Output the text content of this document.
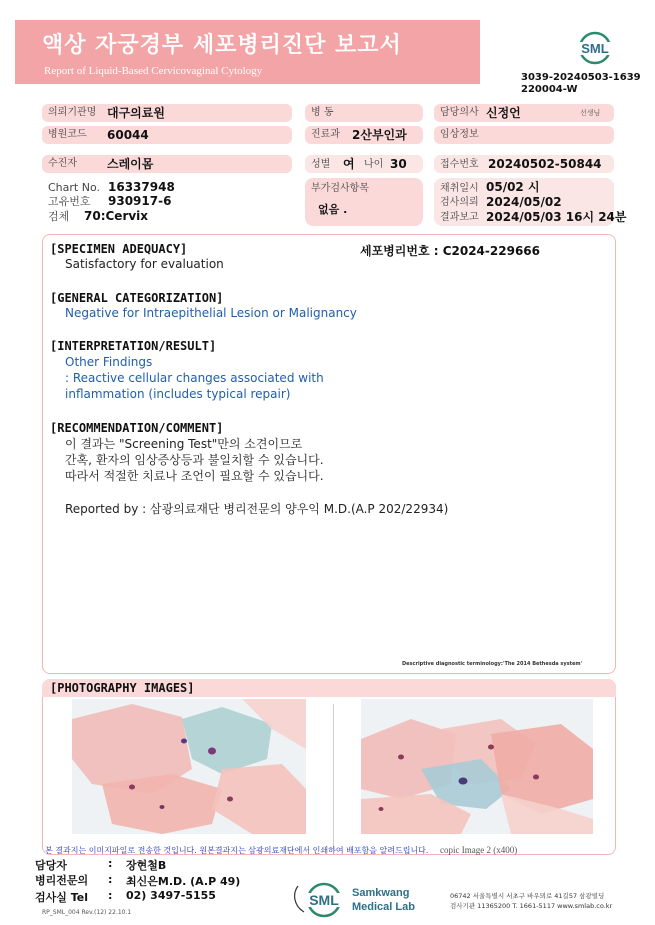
액상 자궁경부 세포병리진단 보고서
Report of Liquid-Based Cervicovaginal Cytology
SML
3039-20240503-1639
220004-W
의뢰기관명 대구의료원	병 동	담당의사 신정언	선생님
병원코드	60044	진료과	2산부인과	임상정보
수진자	스레이몸	성별 여 나이 30	접수번호 20240502-50844
Chart No. 16337948
고유번호 930917-6
검체 70:Cervix
부가검사항목
없음 .
채취일시 05/02 시
검사의뢰 2024/05/02
결과보고 2024/05/03 16시 24분
[SPECIMEN ADEQUACY]	세포병리번호 : C2024-229666
Satisfactory for evaluation
[GENERAL CATEGORIZATION]
Negative for Intraepithelial Lesion or Malignancy
[INTERPRETATION/RESULT]
Other Findings
: Reactive cellular changes associated with
inflammation (includes typical repair)
[RECOMMENDATION/COMMENT]
이 결과는 "Screening Test"만의 소견이므로
간혹, 환자의 임상증상등과 불일치할 수 있습니다.
따라서 적절한 치료나 조언이 필요할 수 있습니다.
Reported by : 삼광의료재단 병리전문의 양우익 M.D.(A.P 202/22934)
Descriptive diagnostic terminology:'The 2014 Bethesda system'
[PHOTOGRAPHY IMAGES]
copic Image 2 (x400)
본 결과지는 이미지파일로 전송한 것입니다. 원본결과지는 삼광의료재단에서 인쇄하여 배포함을 알려드립니다.
담당자	: 장현철B
병리전문의 : 최신은M.D. (A.P 49)
검사실 Tel : 02) 3497-5155
RP_SML_004 Rev.(12) 22.10.1
SML Samkwang
Medical Lab
06742 서울특별시 서초구 바우뫼로 41길57 삼광빌딩
검사기관 11365200 T. 1661-5117 www.smlab.co.kr
